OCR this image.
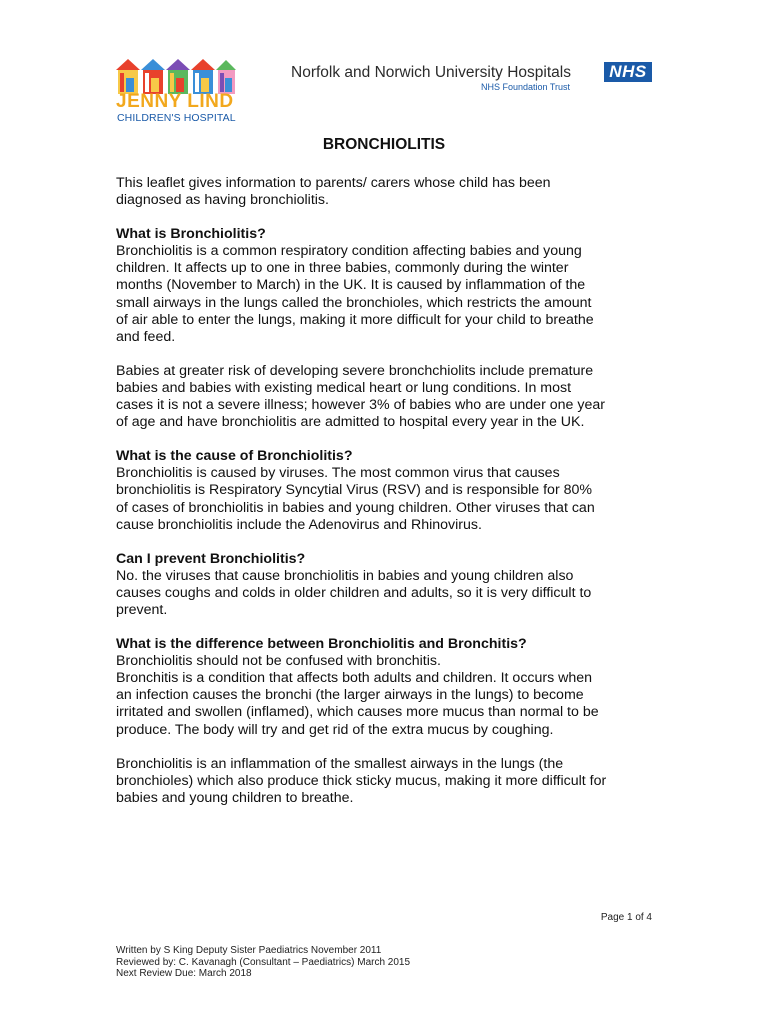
JENNY LIND
CHILDREN'S HOSPITAL
Norfolk and Norwich University Hospitals	NHS
NHS Foundation Trust
BRONCHIOLITIS

This leaflet gives information to parents/ carers whose child has been
diagnosed as having bronchiolitis.

What is Bronchiolitis?

Bronchiolitis is a common respiratory condition affecting babies and young
children. It affects up to one in three babies, commonly during the winter
months (November to March) in the UK. It is caused by inflammation of the
small airways in the lungs called the bronchioles, which restricts the amount
of air able to enter the lungs, making it more difficult for your child to breathe
and feed.

Babies at greater risk of developing severe bronchchiolits include premature
babies and babies with existing medical heart or lung conditions. In most
cases it is not a severe illness; however 3% of babies who are under one year
of age and have bronchiolitis are admitted to hospital every year in the UK.

What is the cause of Bronchiolitis?

Bronchiolitis is caused by viruses. The most common virus that causes
bronchiolitis is Respiratory Syncytial Virus (RSV) and is responsible for 80%
of cases of bronchiolitis in babies and young children. Other viruses that can
cause bronchiolitis include the Adenovirus and Rhinovirus.

Can I prevent Bronchiolitis?

No. the viruses that cause bronchiolitis in babies and young children also
causes coughs and colds in older children and adults, so it is very difficult to
prevent.

What is the difference between Bronchiolitis and Bronchitis?

Bronchiolitis should not be confused with bronchitis.
Bronchitis is a condition that affects both adults and children. It occurs when
an infection causes the bronchi (the larger airways in the lungs) to become
irritated and swollen (inflamed), which causes more mucus than normal to be
produce. The body will try and get rid of the extra mucus by coughing.

Bronchiolitis is an inflammation of the smallest airways in the lungs (the
bronchioles) which also produce thick sticky mucus, making it more difficult for
babies and young children to breathe.

Page 1 of 4
Written by S King Deputy Sister Paediatrics November 2011
Reviewed by: C. Kavanagh (Consultant – Paediatrics) March 2015
Next Review Due: March 2018
